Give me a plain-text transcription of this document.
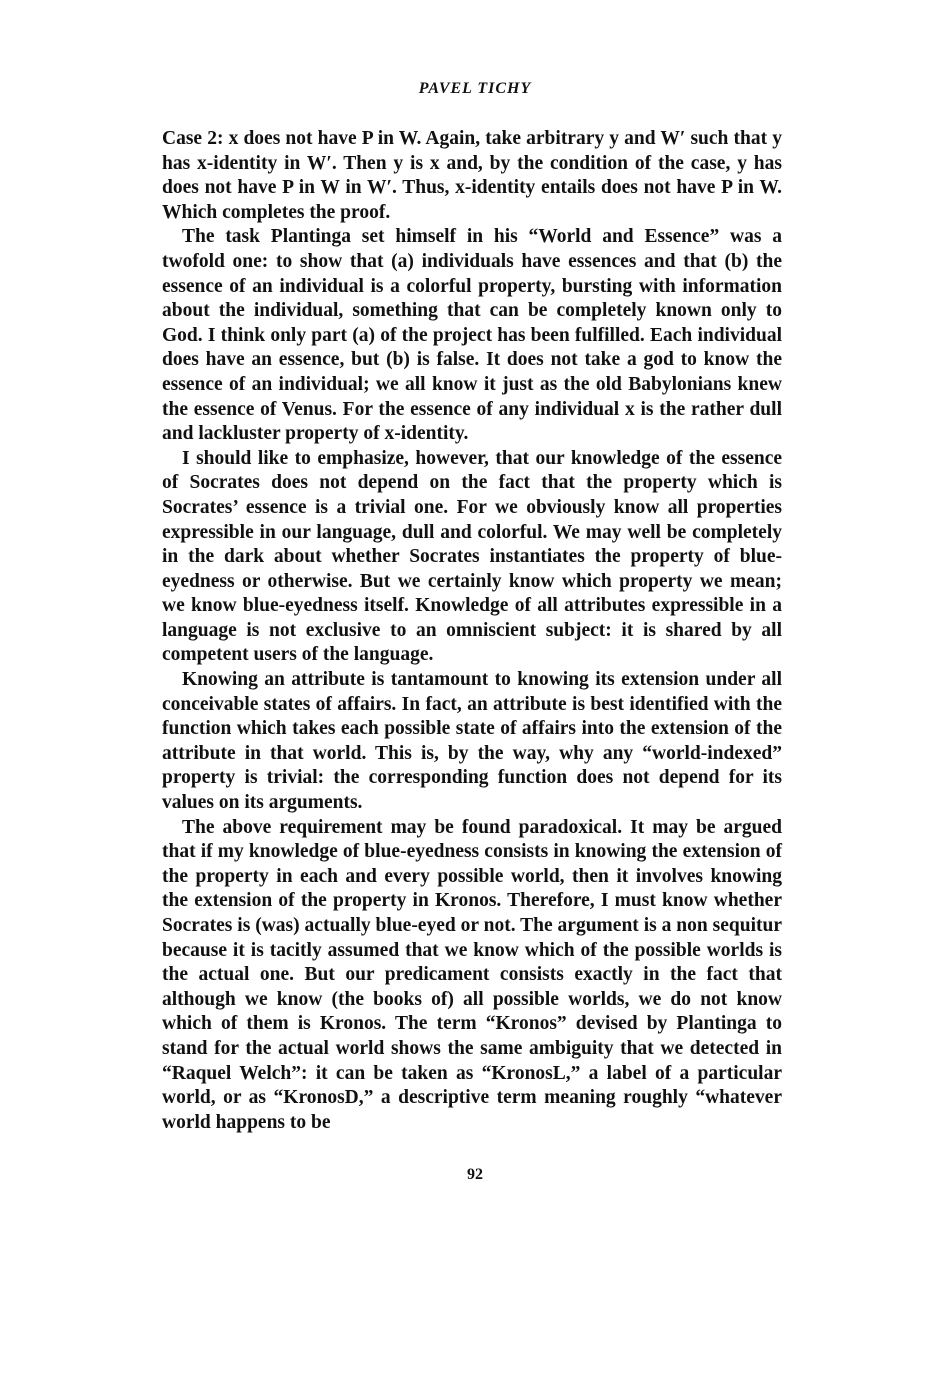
PAVEL TICHY

Case 2: x does not have P in W. Again, take arbitrary y and W′ such that y has x-identity in W′. Then y is x and, by the condition of the case, y has does not have P in W in W′. Thus, x-identity entails does not have P in W. Which completes the proof.

The task Plantinga set himself in his “World and Essence” was a twofold one: to show that (a) individuals have essences and that (b) the essence of an individual is a colorful property, bursting with information about the individual, something that can be completely known only to God. I think only part (a) of the project has been fulfilled. Each individual does have an essence, but (b) is false. It does not take a god to know the essence of an individual; we all know it just as the old Babylonians knew the essence of Venus. For the essence of any individual x is the rather dull and lackluster property of x-identity.

I should like to emphasize, however, that our knowledge of the essence of Socrates does not depend on the fact that the property which is Socrates’ essence is a trivial one. For we obviously know all properties expressible in our language, dull and colorful. We may well be completely in the dark about whether Socrates instantiates the property of blue-eyedness or otherwise. But we certainly know which property we mean; we know blue-eyedness itself. Knowledge of all attributes expressible in a language is not exclusive to an omniscient subject: it is shared by all competent users of the language.

Knowing an attribute is tantamount to knowing its extension under all conceivable states of affairs. In fact, an attribute is best identified with the function which takes each possible state of affairs into the extension of the attribute in that world. This is, by the way, why any “world-indexed” property is trivial: the corresponding function does not depend for its values on its arguments.

The above requirement may be found paradoxical. It may be argued that if my knowledge of blue-eyedness consists in knowing the extension of the property in each and every possible world, then it involves knowing the extension of the property in Kronos. Therefore, I must know whether Socrates is (was) actually blue-eyed or not. The argument is a non sequitur because it is tacitly assumed that we know which of the possible worlds is the actual one. But our predicament consists exactly in the fact that although we know (the books of) all possible worlds, we do not know which of them is Kronos. The term “Kronos” devised by Plantinga to stand for the actual world shows the same ambiguity that we detected in “Raquel Welch”: it can be taken as “KronosL,” a label of a particular world, or as “KronosD,” a descriptive term meaning roughly “whatever world happens to be

92
